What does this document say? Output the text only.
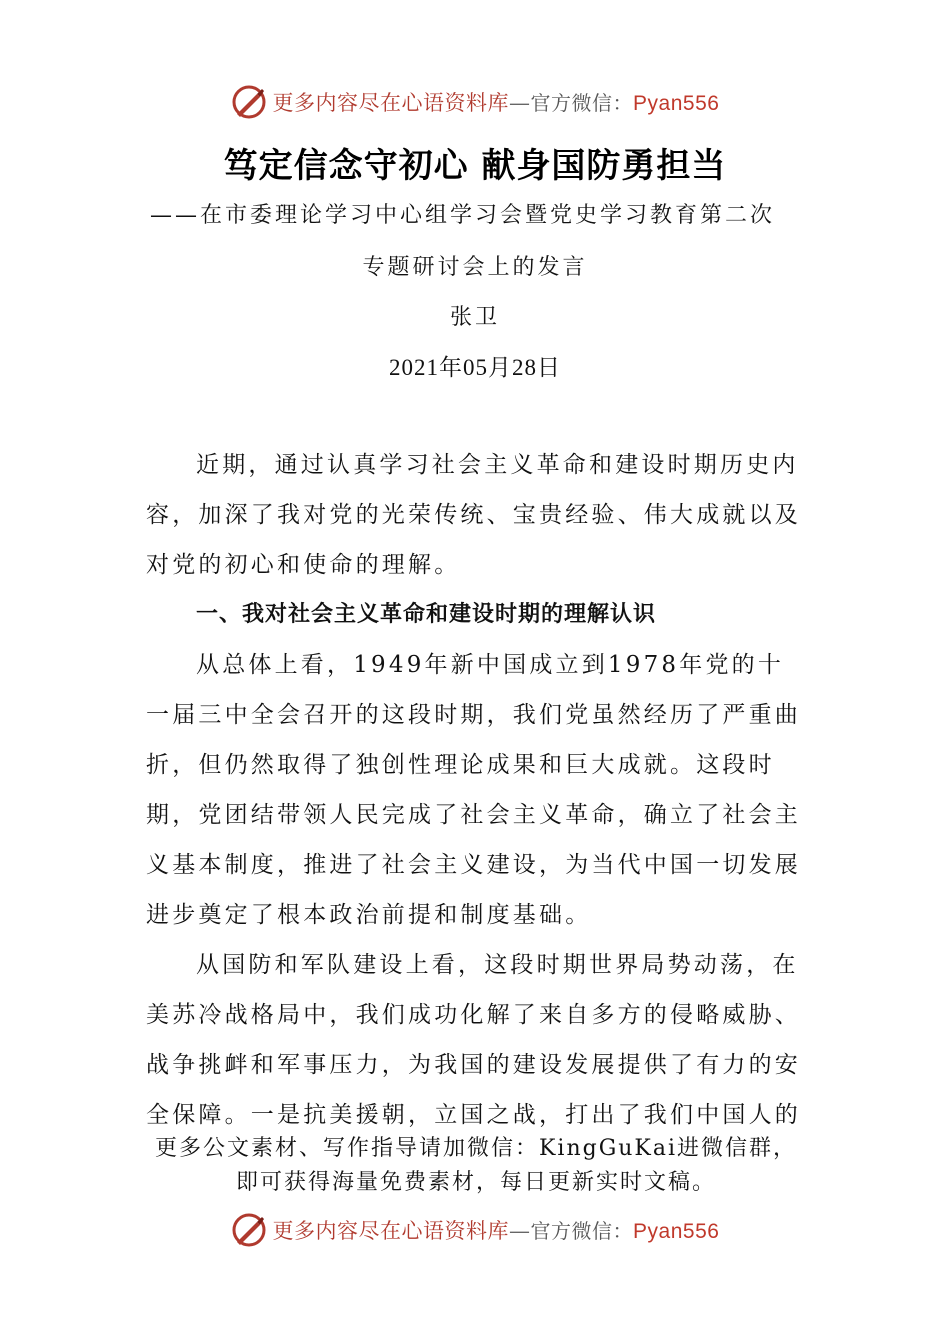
更多内容尽在心语资料库—官方微信：Pyan556
笃定信念守初心 献身国防勇担当
——在市委理论学习中心组学习会暨党史学习教育第二次
专题研讨会上的发言
张卫
2021年05月28日

近期，通过认真学习社会主义革命和建设时期历史内容，加深了我对党的光荣传统、宝贵经验、伟大成就以及对党的初心和使命的理解。

一、我对社会主义革命和建设时期的理解认识

从总体上看，1949年新中国成立到1978年党的十一届三中全会召开的这段时期，我们党虽然经历了严重曲折，但仍然取得了独创性理论成果和巨大成就。这段时期，党团结带领人民完成了社会主义革命，确立了社会主义基本制度，推进了社会主义建设，为当代中国一切发展进步奠定了根本政治前提和制度基础。

从国防和军队建设上看，这段时期世界局势动荡，在美苏冷战格局中，我们成功化解了来自多方的侵略威胁、战争挑衅和军事压力，为我国的建设发展提供了有力的安全保障。一是抗美援朝，立国之战，打出了我们中国人的

更多公文素材、写作指导请加微信：KingGuKai进微信群，
即可获得海量免费素材，每日更新实时文稿。
更多内容尽在心语资料库—官方微信：Pyan556
